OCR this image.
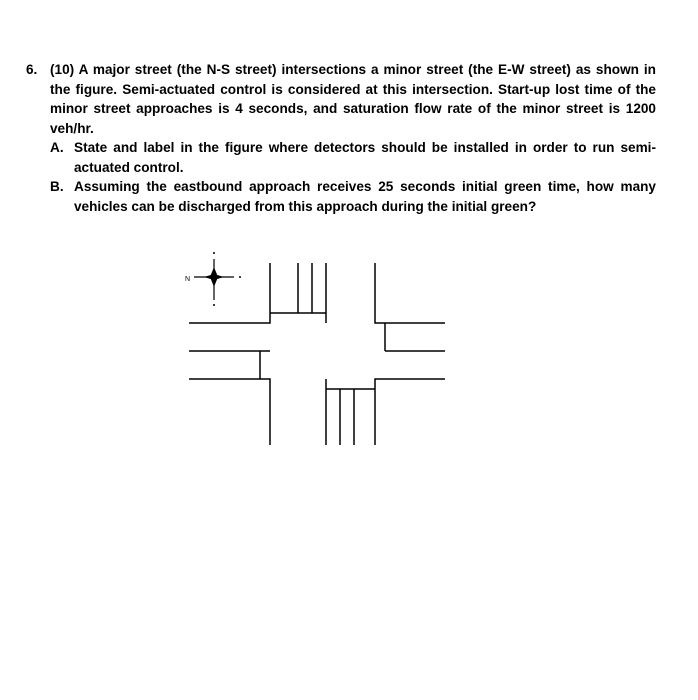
6. (10) A major street (the N-S street) intersections a minor street (the E-W street) as shown in the figure. Semi-actuated control is considered at this intersection. Start-up lost time of the minor street approaches is 4 seconds, and saturation flow rate of the minor street is 1200 veh/hr.
A. State and label in the figure where detectors should be installed in order to run semi-actuated control.
B. Assuming the eastbound approach receives 25 seconds initial green time, how many vehicles can be discharged from this approach during the initial green?
N
